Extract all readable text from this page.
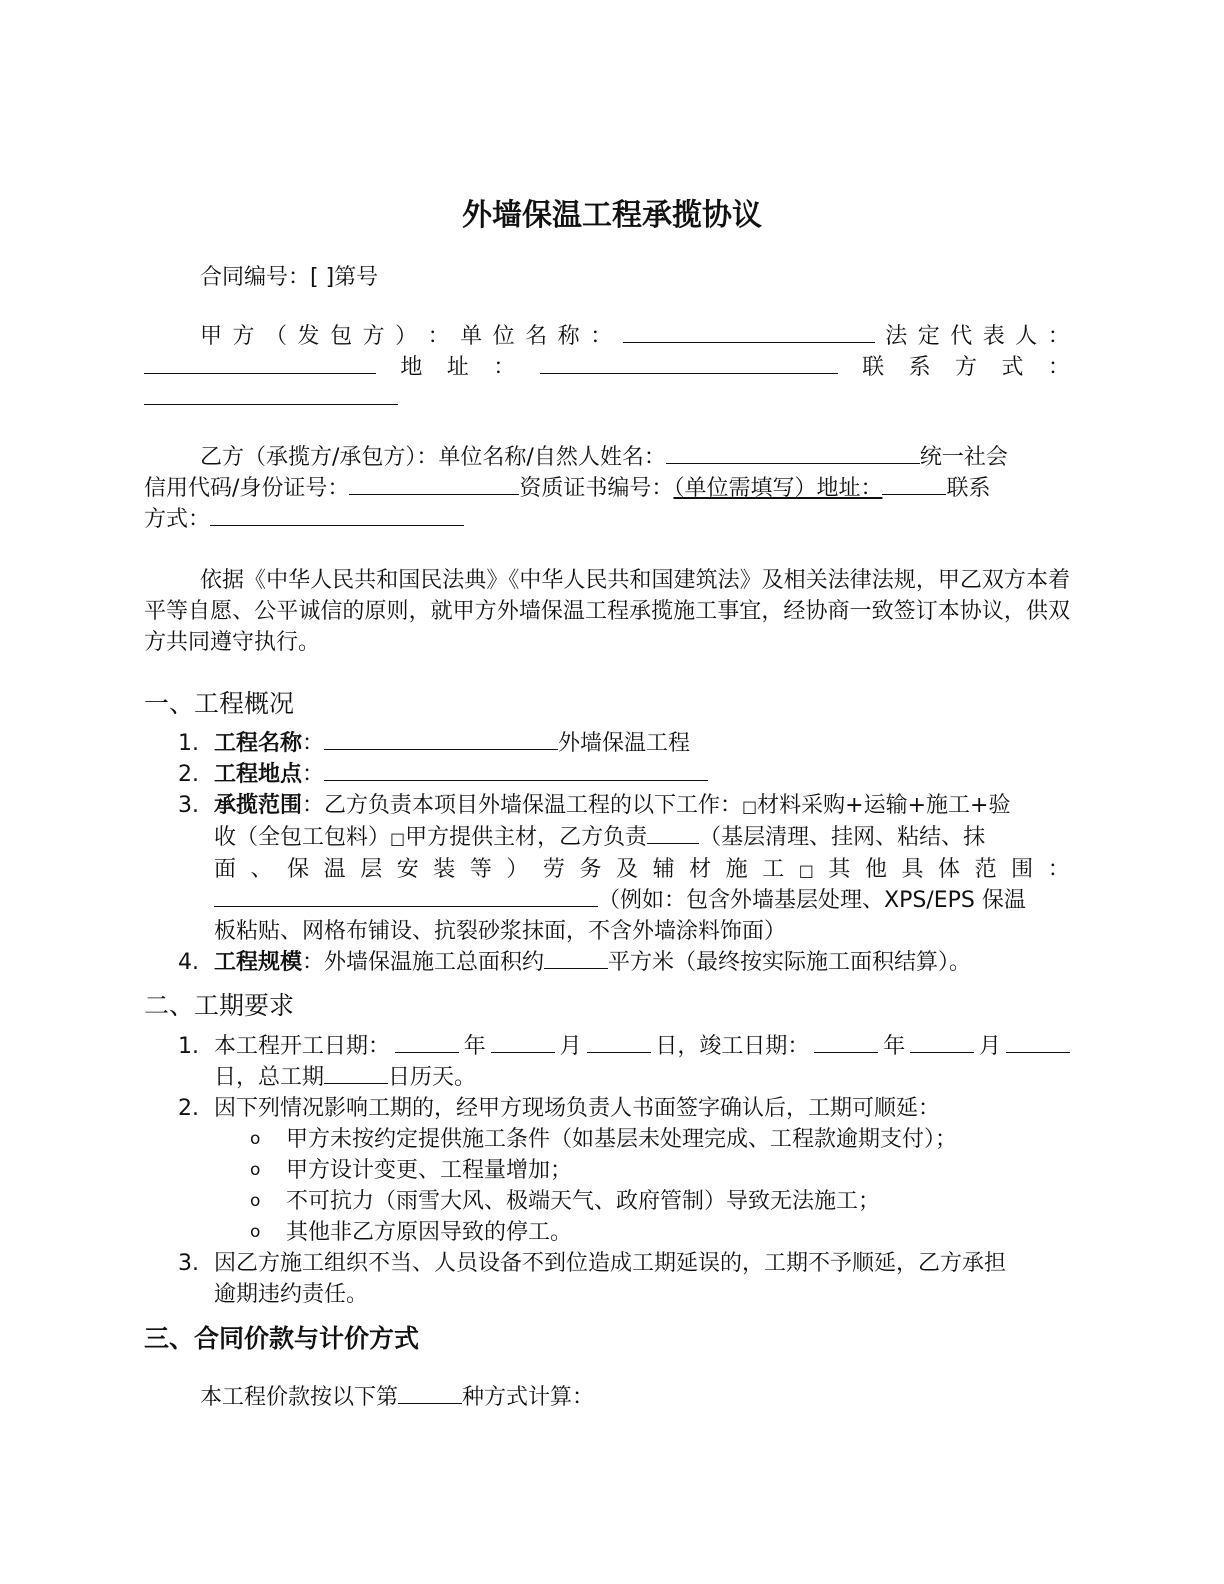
外墙保温工程承揽协议

合同编号：[ ]第号

甲 方 （ 发 包 方 ） ： 单 位 名 称 ：	法 定 代 表 人 ：
地 址 ：	联 系 方 式 ：
乙方（承揽方/承包方）：单位名称/自然人姓名：	统一社会
信用代码/身份证号：	资质证书编号：（单位需填写）地址：	联系
方式：

依据《中华人民共和国民法典》《中华人民共和国建筑法》及相关法律法规，甲乙双方本着平等自愿、公平诚信的原则，就甲方外墙保温工程承揽施工事宜，经协商一致签订本协议，供双方共同遵守执行。

一、工程概况
1. 工程名称：	外墙保温工程
2. 工程地点：
3. 承揽范围：乙方负责本项目外墙保温工程的以下工作：□材料采购+运输+施工+验
收（全包工包料）□甲方提供主材，乙方负责 （基层清理、挂网、粘结、抹
面 、 保 温 层 安 装 等 ） 劳 务 及 辅 材 施 工 □ 其 他 具 体 范 围 ：
（例如：包含外墙基层处理、XPS/EPS 保温
板粘贴、网格布铺设、抗裂砂浆抹面，不含外墙涂料饰面）
4. 工程规模：外墙保温施工总面积约	平方米（最终按实际施工面积结算）。
二、工期要求
1. 本工程开工日期：	年	月	日，竣工日期：	年	月
日，总工期	日历天。
2. 因下列情况影响工期的，经甲方现场负责人书面签字确认后，工期可顺延：
o 甲方未按约定提供施工条件（如基层未处理完成、工程款逾期支付）；
o 甲方设计变更、工程量增加；
o 不可抗力（雨雪大风、极端天气、政府管制）导致无法施工；
o 其他非乙方原因导致的停工。
3. 因乙方施工组织不当、人员设备不到位造成工期延误的，工期不予顺延，乙方承担
逾期违约责任。
三、合同价款与计价方式

本工程价款按以下第	种方式计算：
